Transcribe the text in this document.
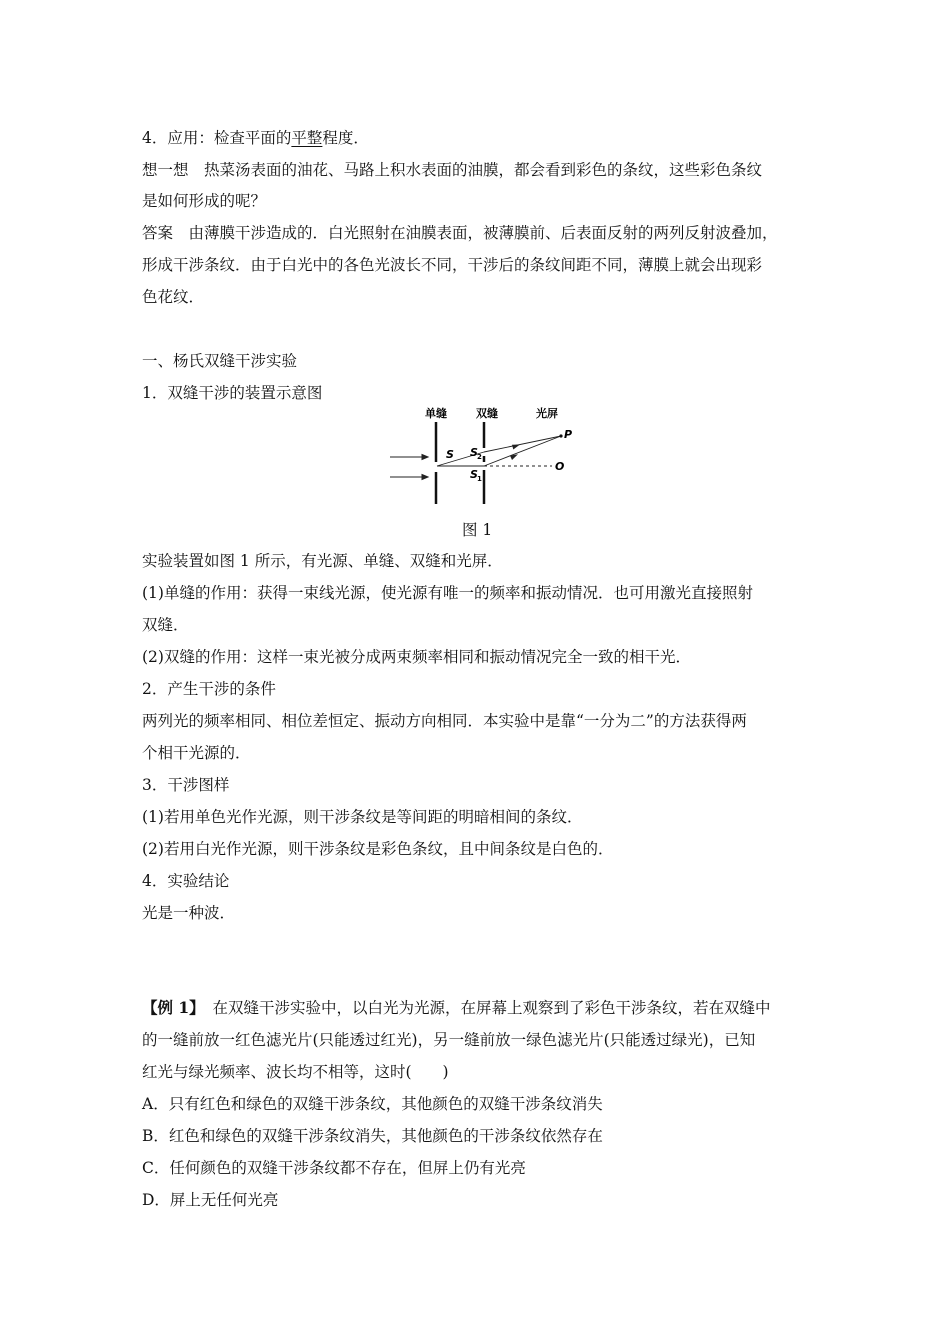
4．应用：检查平面的平整程度．
想一想　热菜汤表面的油花、马路上积水表面的油膜，都会看到彩色的条纹，这些彩色条纹
是如何形成的呢？
答案　由薄膜干涉造成的．白光照射在油膜表面，被薄膜前、后表面反射的两列反射波叠加，
形成干涉条纹．由于白光中的各色光波长不同，干涉后的条纹间距不同，薄膜上就会出现彩
色花纹．
一、杨氏双缝干涉实验
1．双缝干涉的装置示意图
单缝	双缝	光屏
S S 2
S 1
P
O
图 1
实验装置如图 1 所示，有光源、单缝、双缝和光屏．
(1)单缝的作用：获得一束线光源，使光源有唯一的频率和振动情况．也可用激光直接照射
双缝．
(2)双缝的作用：这样一束光被分成两束频率相同和振动情况完全一致的相干光．
2．产生干涉的条件
两列光的频率相同、相位差恒定、振动方向相同．本实验中是靠“一分为二”的方法获得两
个相干光源的．
3．干涉图样
(1)若用单色光作光源，则干涉条纹是等间距的明暗相间的条纹．
(2)若用白光作光源，则干涉条纹是彩色条纹，且中间条纹是白色的．
4．实验结论
光是一种波．
【例 1】　在双缝干涉实验中，以白光为光源，在屏幕上观察到了彩色干涉条纹，若在双缝中
的一缝前放一红色滤光片(只能透过红光)，另一缝前放一绿色滤光片(只能透过绿光)，已知
红光与绿光频率、波长均不相等，这时(　　)
A．只有红色和绿色的双缝干涉条纹，其他颜色的双缝干涉条纹消失
B．红色和绿色的双缝干涉条纹消失，其他颜色的干涉条纹依然存在
C．任何颜色的双缝干涉条纹都不存在，但屏上仍有光亮
D．屏上无任何光亮
